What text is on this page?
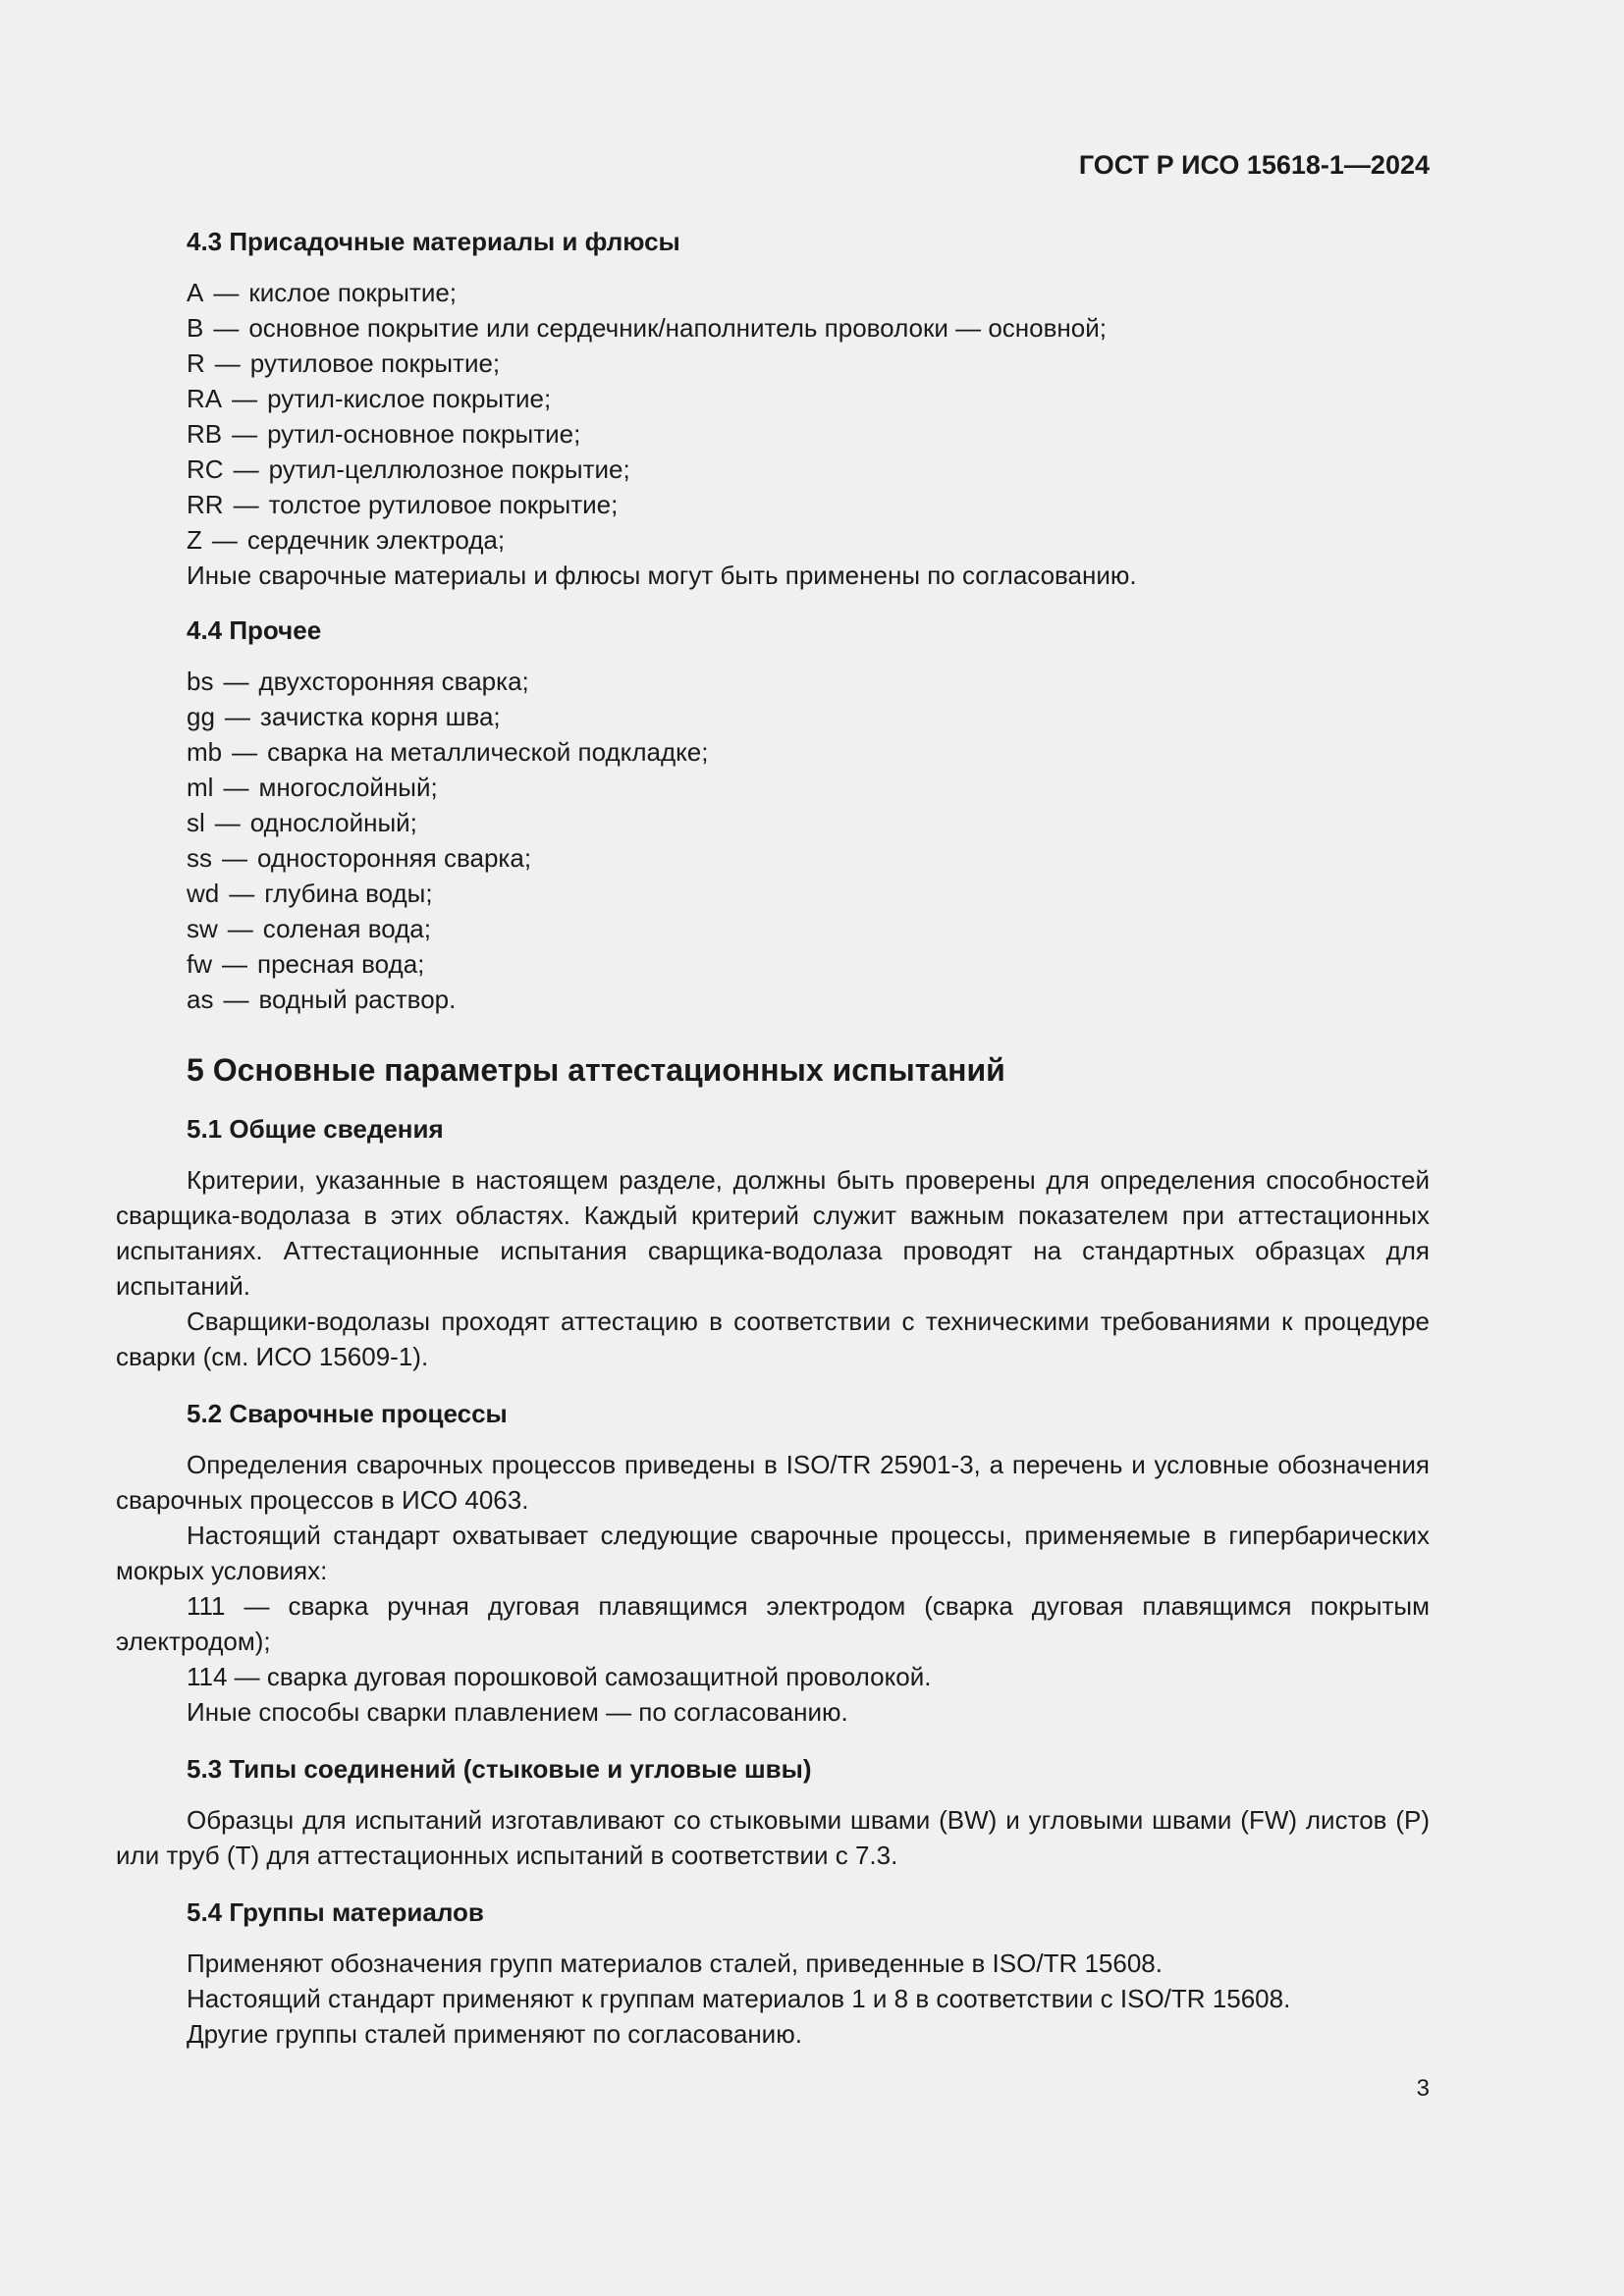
ГОСТ Р ИСО 15618-1—2024
4.3 Присадочные материалы и флюсы
A — кислое покрытие;
B — основное покрытие или сердечник/наполнитель проволоки — основной;
R — рутиловое покрытие;
RA — рутил-кислое покрытие;
RB — рутил-основное покрытие;
RC — рутил-целлюлозное покрытие;
RR — толстое рутиловое покрытие;
Z — сердечник электрода;
Иные сварочные материалы и флюсы могут быть применены по согласованию.
4.4 Прочее
bs — двухсторонняя сварка;
gg — зачистка корня шва;
mb — сварка на металлической подкладке;
ml — многослойный;
sl — однослойный;
ss — односторонняя сварка;
wd — глубина воды;
sw — соленая вода;
fw — пресная вода;
as — водный раствор.
5 Основные параметры аттестационных испытаний
5.1 Общие сведения

Критерии, указанные в настоящем разделе, должны быть проверены для определения способностей сварщика-водолаза в этих областях. Каждый критерий служит важным показателем при аттестационных испытаниях. Аттестационные испытания сварщика-водолаза проводят на стандартных образцах для испытаний.

Сварщики-водолазы проходят аттестацию в соответствии с техническими требованиями к процедуре сварки (см. ИСО 15609-1).

5.2 Сварочные процессы

Определения сварочных процессов приведены в ISO/TR 25901-3, а перечень и условные обозначения сварочных процессов в ИСО 4063.

Настоящий стандарт охватывает следующие сварочные процессы, применяемые в гипербарических мокрых условиях:

111 — сварка ручная дуговая плавящимся электродом (сварка дуговая плавящимся покрытым электродом);

114 — сварка дуговая порошковой самозащитной проволокой.

Иные способы сварки плавлением — по согласованию.

5.3 Типы соединений (стыковые и угловые швы)

Образцы для испытаний изготавливают со стыковыми швами (BW) и угловыми швами (FW) листов (Р) или труб (Т) для аттестационных испытаний в соответствии с 7.3.

5.4 Группы материалов

Применяют обозначения групп материалов сталей, приведенные в ISO/TR 15608.

Настоящий стандарт применяют к группам материалов 1 и 8 в соответствии с ISO/TR 15608.

Другие группы сталей применяют по согласованию.

3
